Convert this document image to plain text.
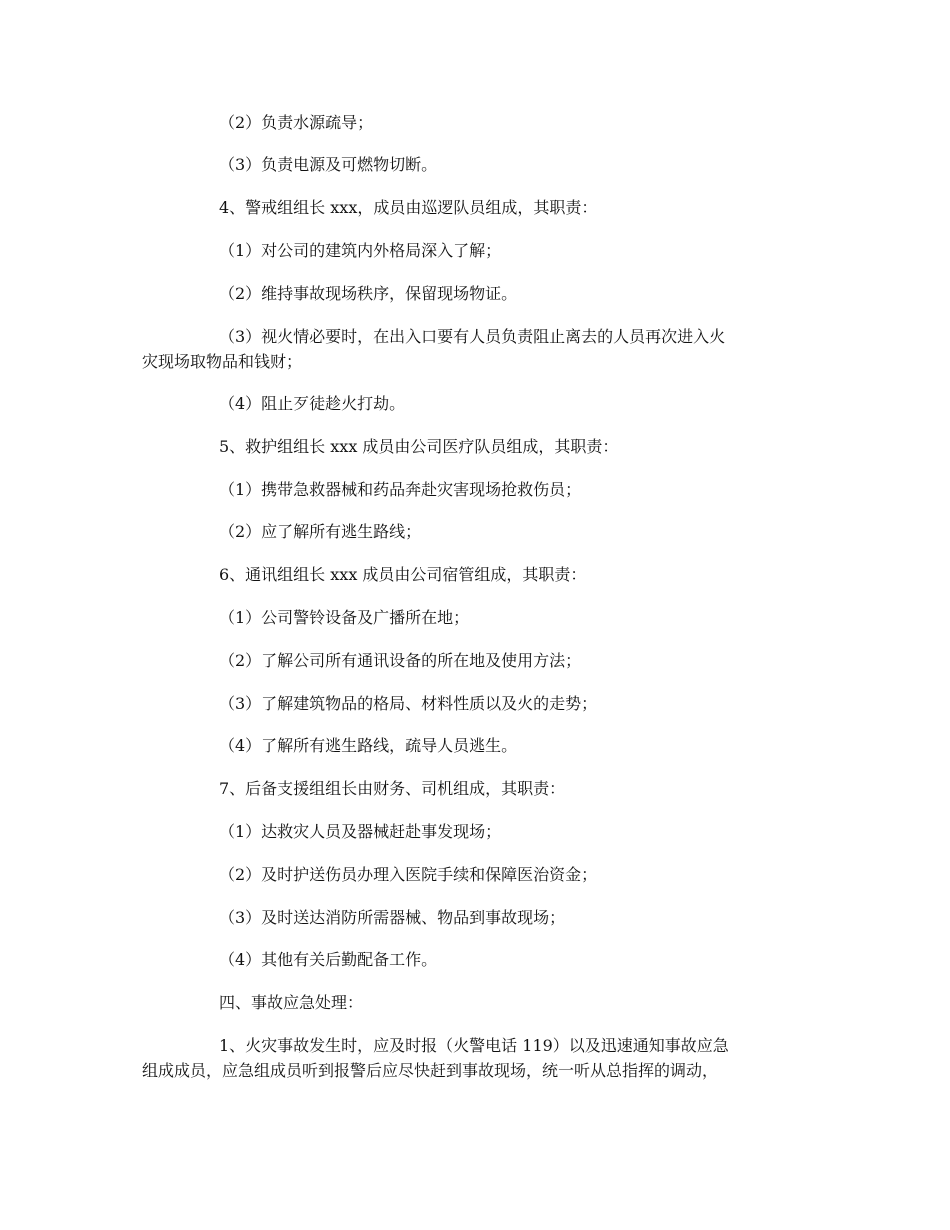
（2）负责水源疏导；
（3）负责电源及可燃物切断。
4、警戒组组长 xxx，成员由巡逻队员组成，其职责：
（1）对公司的建筑内外格局深入了解；
（2）维持事故现场秩序，保留现场物证。
（3）视火情必要时，在出入口要有人员负责阻止离去的人员再次进入火
灾现场取物品和钱财；
（4）阻止歹徒趁火打劫。
5、救护组组长 xxx 成员由公司医疗队员组成，其职责：
（1）携带急救器械和药品奔赴灾害现场抢救伤员；
（2）应了解所有逃生路线；
6、通讯组组长 xxx 成员由公司宿管组成，其职责：
（1）公司警铃设备及广播所在地；
（2）了解公司所有通讯设备的所在地及使用方法；
（3）了解建筑物品的格局、材料性质以及火的走势；
（4）了解所有逃生路线，疏导人员逃生。
7、后备支援组组长由财务、司机组成，其职责：
（1）达救灾人员及器械赶赴事发现场；
（2）及时护送伤员办理入医院手续和保障医治资金；
（3）及时送达消防所需器械、物品到事故现场；
（4）其他有关后勤配备工作。
四、事故应急处理：
1、火灾事故发生时，应及时报（火警电话 119）以及迅速通知事故应急
组成成员，应急组成员听到报警后应尽快赶到事故现场，统一听从总指挥的调动，
